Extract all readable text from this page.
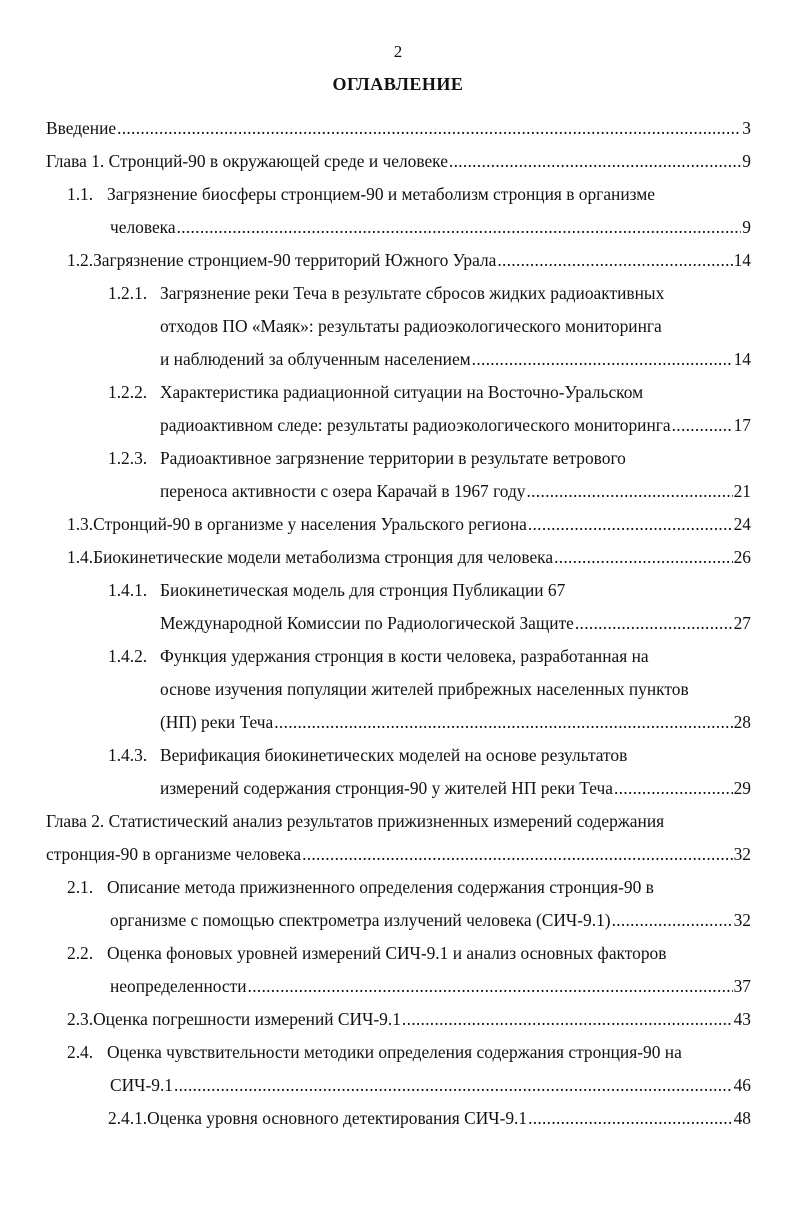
2
ОГЛАВЛЕНИЕ
Введение .....	3
Глава 1. Стронций-90 в окружающей среде и человеке .....	9
1.1. Загрязнение биосферы стронцием-90 и метаболизм стронция в организме
человека .....	9
1.2. Загрязнение стронцием-90 территорий Южного Урала .....	14
1.2.1. Загрязнение реки Теча в результате сбросов жидких радиоактивных
отходов ПО «Маяк»: результаты радиоэкологического мониторинга
и наблюдений за облученным населением .....	14
1.2.2. Характеристика радиационной ситуации на Восточно-Уральском
радиоактивном следе: результаты радиоэкологического мониторинга .....	17
1.2.3. Радиоактивное загрязнение территории в результате ветрового
переноса активности с озера Карачай в 1967 году .....	21
1.3. Стронций-90 в организме у населения Уральского региона .....	24
1.4. Биокинетические модели метаболизма стронция для человека .....	26
1.4.1. Биокинетическая модель для стронция Публикации 67
Международной Комиссии по Радиологической Защите .....	27
1.4.2. Функция удержания стронция в кости человека, разработанная на
основе изучения популяции жителей прибрежных населенных пунктов
(НП) реки Теча .....	28
1.4.3. Верификация биокинетических моделей на основе результатов
измерений содержания стронция-90 у жителей НП реки Теча .....	29
Глава 2. Статистический анализ результатов прижизненных измерений содержания
стронция-90 в организме человека .....	32
2.1. Описание метода прижизненного определения содержания стронция-90 в
организме с помощью спектрометра излучений человека (СИЧ-9.1) .....	32
2.2. Оценка фоновых уровней измерений СИЧ-9.1 и анализ основных факторов
неопределенности .....	37
2.3. Оценка погрешности измерений СИЧ-9.1 .....	43
2.4. Оценка чувствительности методики определения содержания стронция-90 на
СИЧ-9.1 .....	46
2.4.1. Оценка уровня основного детектирования СИЧ-9.1 .....	48
